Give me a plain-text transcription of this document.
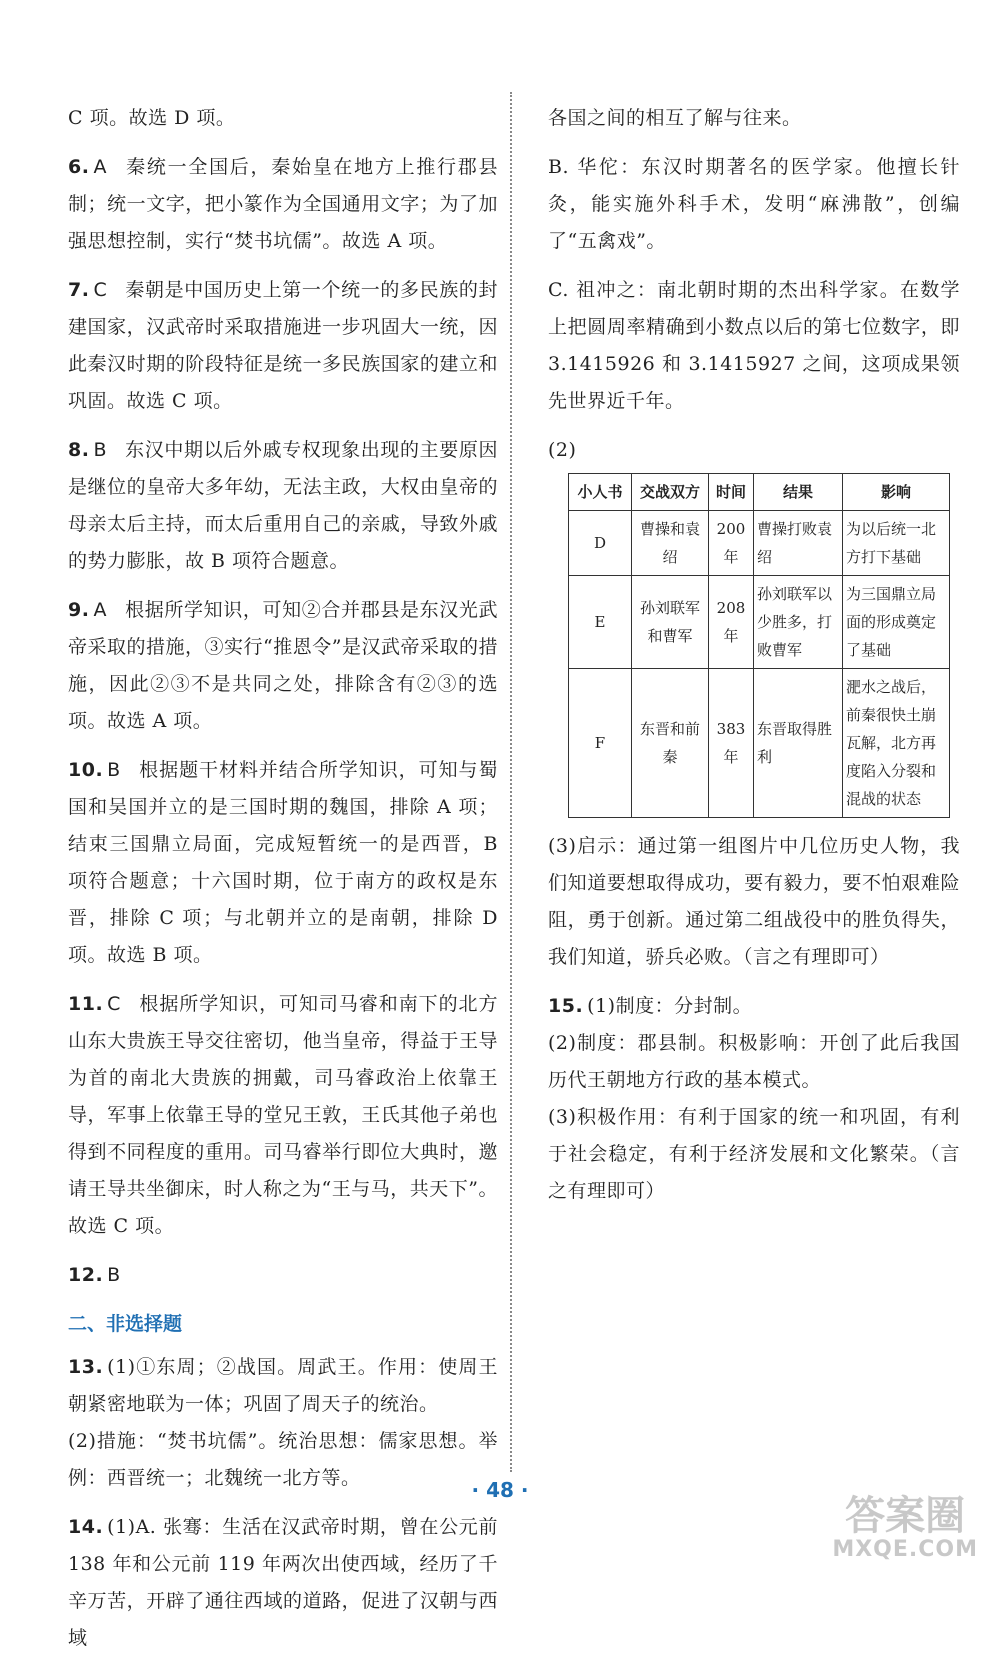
C 项。故选 D 项。

6. A 秦统一全国后，秦始皇在地方上推行郡县制；统一文字，把小篆作为全国通用文字；为了加强思想控制，实行“焚书坑儒”。故选 A 项。

7. C 秦朝是中国历史上第一个统一的多民族的封建国家，汉武帝时采取措施进一步巩固大一统，因此秦汉时期的阶段特征是统一多民族国家的建立和巩固。故选 C 项。

8. B 东汉中期以后外戚专权现象出现的主要原因是继位的皇帝大多年幼，无法主政，大权由皇帝的母亲太后主持，而太后重用自己的亲戚，导致外戚的势力膨胀，故 B 项符合题意。

9. A 根据所学知识，可知②合并郡县是东汉光武帝采取的措施，③实行“推恩令”是汉武帝采取的措施，因此②③不是共同之处，排除含有②③的选项。故选 A 项。

10. B 根据题干材料并结合所学知识，可知与蜀国和吴国并立的是三国时期的魏国，排除 A 项；结束三国鼎立局面，完成短暂统一的是西晋，B 项符合题意；十六国时期，位于南方的政权是东晋，排除 C 项；与北朝并立的是南朝，排除 D 项。故选 B 项。

11. C 根据所学知识，可知司马睿和南下的北方山东大贵族王导交往密切，他当皇帝，得益于王导为首的南北大贵族的拥戴，司马睿政治上依靠王导，军事上依靠王导的堂兄王敦，王氏其他子弟也得到不同程度的重用。司马睿举行即位大典时，邀请王导共坐御床，时人称之为“王与马，共天下”。故选 C 项。

12. B

二、非选择题

13. (1)①东周；②战国。周武王。作用：使周王朝紧密地联为一体；巩固了周天子的统治。
(2)措施：“焚书坑儒”。统治思想：儒家思想。举例：西晋统一；北魏统一北方等。

14. (1)A. 张骞：生活在汉武帝时期，曾在公元前 138 年和公元前 119 年两次出使西域，经历了千辛万苦，开辟了通往西域的道路，促进了汉朝与西域

各国之间的相互了解与往来。

B. 华佗：东汉时期著名的医学家。他擅长针灸，能实施外科手术，发明“麻沸散”，创编了“五禽戏”。

C. 祖冲之：南北朝时期的杰出科学家。在数学上把圆周率精确到小数点以后的第七位数字，即 3.1415926 和 3.1415927 之间，这项成果领先世界近千年。

(2)

小人书	交战双方	时间	结果	影响
D	曹操和袁绍	200年	曹操打败袁绍	为以后统一北方打下基础
E	孙刘联军和曹军	208年	孙刘联军以少胜多，打败曹军	为三国鼎立局面的形成奠定了基础
F	东晋和前秦	383年	东晋取得胜利	淝水之战后，前秦很快土崩瓦解，北方再度陷入分裂和混战的状态

(3)启示：通过第一组图片中几位历史人物，我们知道要想取得成功，要有毅力，要不怕艰难险阻，勇于创新。通过第二组战役中的胜负得失，我们知道，骄兵必败。（言之有理即可）

15. (1)制度：分封制。
(2)制度：郡县制。积极影响：开创了此后我国历代王朝地方行政的基本模式。
(3)积极作用：有利于国家的统一和巩固，有利于社会稳定，有利于经济发展和文化繁荣。（言之有理即可）

· 48 ·
答案圈
MXQE.COM
